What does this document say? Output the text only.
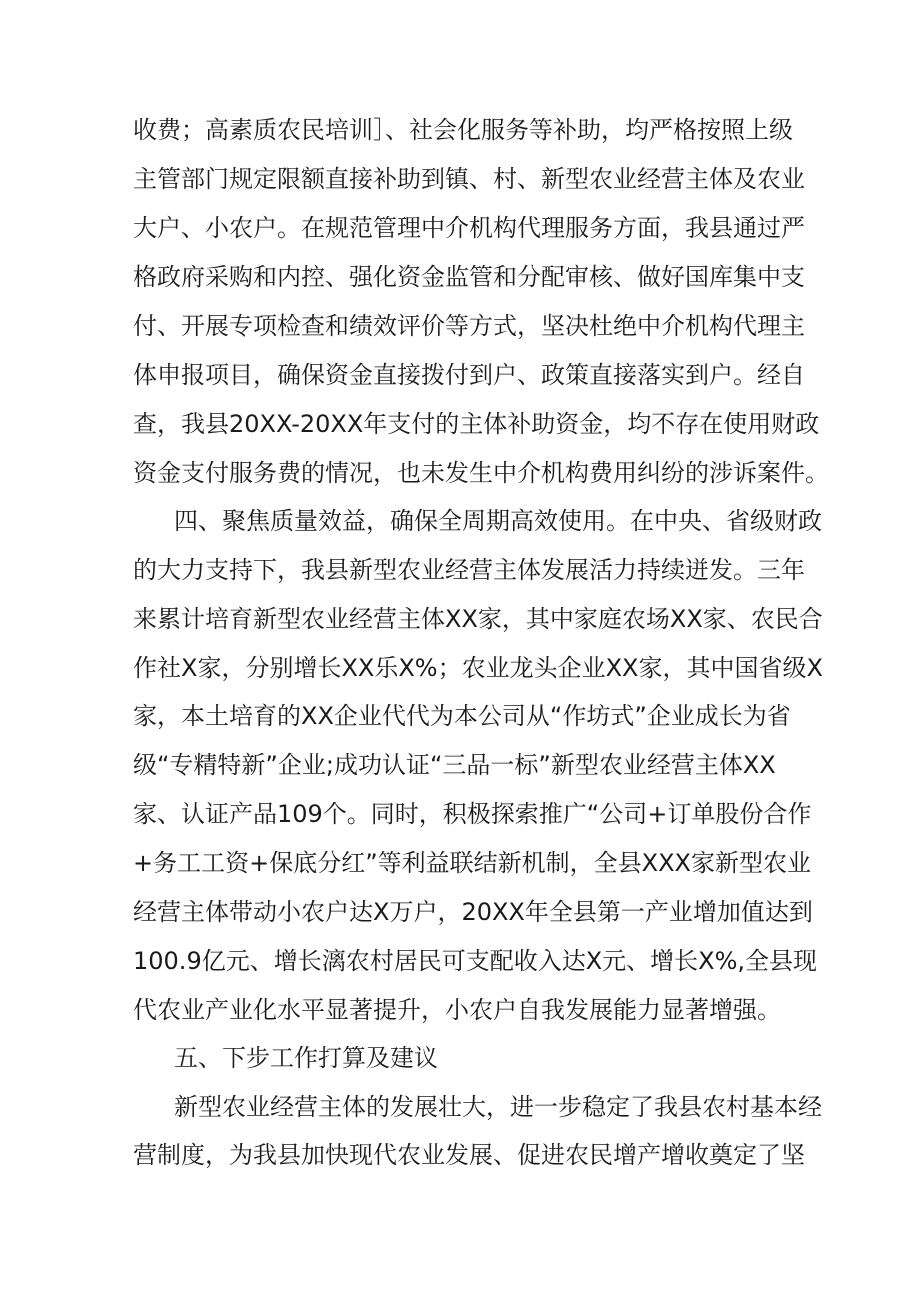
收费；高素质农民培训］、社会化服务等补助，均严格按照上级
主管部门规定限额直接补助到镇、村、新型农业经营主体及农业
大户、小农户。在规范管理中介机构代理服务方面，我县通过严
格政府采购和内控、强化资金监管和分配审核、做好国库集中支
付、开展专项检查和绩效评价等方式，坚决杜绝中介机构代理主
体申报项目，确保资金直接拨付到户、政策直接落实到户。经自
查，我县20XX-20XX年支付的主体补助资金，均不存在使用财政
资金支付服务费的情况，也未发生中介机构费用纠纷的涉诉案件。
四、聚焦质量效益，确保全周期高效使用。在中央、省级财政
的大力支持下，我县新型农业经营主体发展活力持续迸发。三年
来累计培育新型农业经营主体XX家，其中家庭农场XX家、农民合
作社X家，分别增长XX乐X%；农业龙头企业XX家，其中国省级X
家，本土培育的XX企业代代为本公司从“作坊式”企业成长为省
级“专精特新”企业;成功认证“三品一标”新型农业经营主体XX
家、认证产品109个。同时，积极探索推广“公司+订单股份合作
+务工工资+保底分红”等利益联结新机制，全县XXX家新型农业
经营主体带动小农户达X万户，20XX年全县第一产业增加值达到
100.9亿元、增长漓农村居民可支配收入达X元、增长X%,全县现
代农业产业化水平显著提升，小农户自我发展能力显著增强。
五、下步工作打算及建议
新型农业经营主体的发展壮大，进一步稳定了我县农村基本经
营制度，为我县加快现代农业发展、促进农民增产增收奠定了坚
